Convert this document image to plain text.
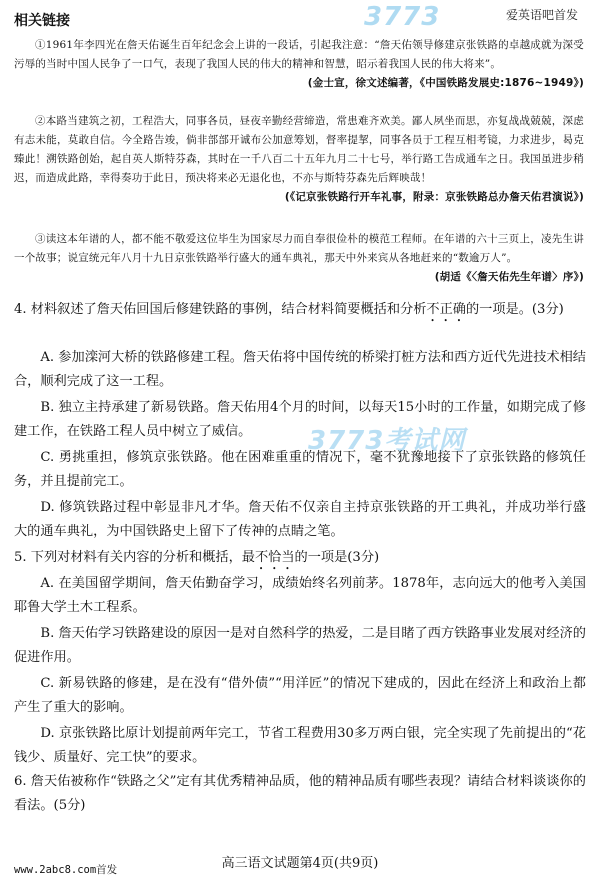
3773	爱英语吧首发
相关链接
①1961年李四光在詹天佑诞生百年纪念会上讲的一段话，引起我注意：“詹天佑领导修建京张铁路的卓越成就为深受污辱的当时中国人民争了一口气，表现了我国人民的伟大的精神和智慧，昭示着我国人民的伟大将来”。
(金士宣，徐文述编著，《中国铁路发展史:1876~1949》)
②本路当建筑之初，工程浩大，同事各员，昼夜辛勤经营缔造，常患难齐欢美。鄙人夙坐而思，亦复战战兢兢，深虑有志未能，莫敢自信。今全路告竣，倘非部部开诚布公加意筹划，督率提挈，同事各员于工程互相考镜，力求进步，曷克臻此！溯铁路创始，起自英人斯特芬森，其时在一千八百二十五年九月二十七号，举行路工告成通车之日。我国虽进步稍迟，而造成此路，幸得奏功于此日，预决将来必无退化也，不亦与斯特芬森先后辉映哉！
(《记京张铁路行开车礼事，附录：京张铁路总办詹天佑君演说》)
③读这本年谱的人，都不能不敬爱这位毕生为国家尽力而自奉很俭朴的模范工程师。在年谱的六十三页上，凌先生讲一个故事；说宣统元年八月十九日京张铁路举行盛大的通车典礼，那天中外来宾从各地赶来的“数逾万人”。
(胡适《〈詹天佑先生年谱〉序》)
4. 材料叙述了詹天佑回国后修建铁路的事例，结合材料简要概括和分析不正确的一项是。(3分)
A. 参加滦河大桥的铁路修建工程。詹天佑将中国传统的桥梁打桩方法和西方近代先进技术相结合，顺利完成了这一工程。
B. 独立主持承建了新易铁路。詹天佑用4个月的时间，以每天15小时的工作量，如期完成了修建工作，在铁路工程人员中树立了威信。
C. 勇挑重担，修筑京张铁路。他在困难重重的情况下，毫不犹豫地接下了京张铁路的修筑任务，并且提前完工。
D. 修筑铁路过程中彰显非凡才华。詹天佑不仅亲自主持京张铁路的开工典礼，并成功举行盛大的通车典礼，为中国铁路史上留下了传神的点睛之笔。
3773考试网
5. 下列对材料有关内容的分析和概括，最不恰当的一项是(3分)
A. 在美国留学期间，詹天佑勤奋学习，成绩始终名列前茅。1878年，志向远大的他考入美国耶鲁大学土木工程系。
B. 詹天佑学习铁路建设的原因一是对自然科学的热爱，二是目睹了西方铁路事业发展对经济的促进作用。
C. 新易铁路的修建，是在没有“借外债”“用洋匠”的情况下建成的，因此在经济上和政治上都产生了重大的影响。
D. 京张铁路比原计划提前两年完工，节省工程费用30多万两白银，完全实现了先前提出的“花钱少、质量好、完工快”的要求。
6. 詹天佑被称作“铁路之父”定有其优秀精神品质，他的精神品质有哪些表现？请结合材料谈谈你的看法。(5分)
高三语文试题第4页(共9页)
www.2abc8.com首发
